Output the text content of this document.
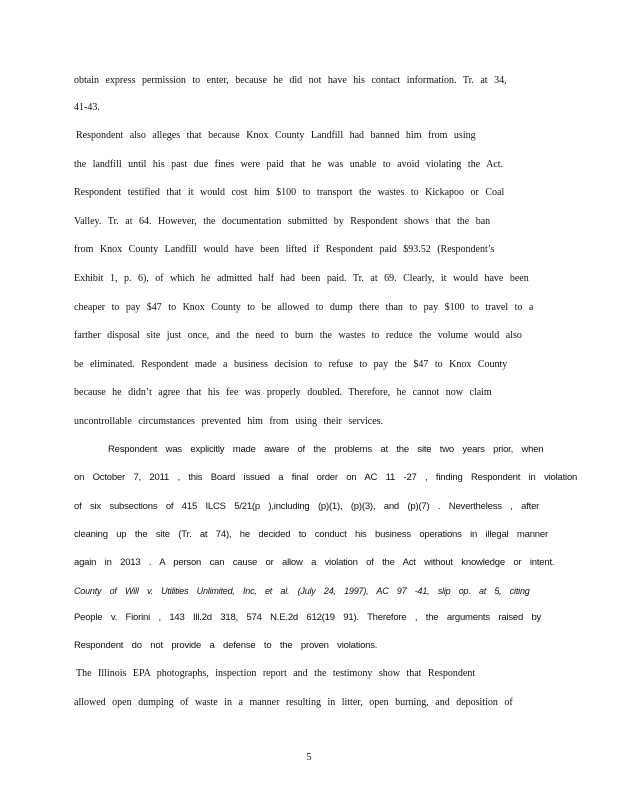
obtain express permission to enter, because he did not have his contact information. Tr. at 34,
41-43.
Respondent also alleges that because Knox County Landfill had banned him from using
the landfill until his past due fines were paid that he was unable to avoid violating the Act.
Respondent testified that it would cost him $100 to transport the wastes to Kickapoo or Coal
Valley. Tr. at 64. However, the documentation submitted by Respondent shows that the ban
from Knox County Landfill would have been lifted if Respondent paid $93.52 (Respondent’s
Exhibit 1, p. 6), of which he admitted half had been paid. Tr. at 69. Clearly, it would have been
cheaper to pay $47 to Knox County to be allowed to dump there than to pay $100 to travel to a
farther disposal site just once, and the need to burn the wastes to reduce the volume would also
be eliminated. Respondent made a business decision to refuse to pay the $47 to Knox County
because he didn’t agree that his fee was properly doubled. Therefore, he cannot now claim
uncontrollable circumstances prevented him from using their services.
Respondent was explicitly made aware of the problems at the site two years prior, when
on October 7, 2011 , this Board issued a final order on AC 11 -27 , finding Respondent in violation
of six subsections of 415 ILCS 5/21(p ),including (p)(1), (p)(3), and (p)(7) . Nevertheless , after
cleaning up the site (Tr. at 74), he decided to conduct his business operations in illegal manner
again in 2013 . A person can cause or allow a violation of the Act without knowledge or intent.
County of Will v. Utilities Unlimited, Inc, et al. (July 24, 1997), AC 97 -41, slip op. at 5, citing
People v. Fiorini , 143 Ill.2d 318, 574 N.E.2d 612(19 91). Therefore , the arguments raised by
Respondent do not provide a defense to the proven violations.
The Illinois EPA photographs, inspection report and the testimony show that Respondent
allowed open dumping of waste in a manner resulting in litter, open burning, and deposition of
5
